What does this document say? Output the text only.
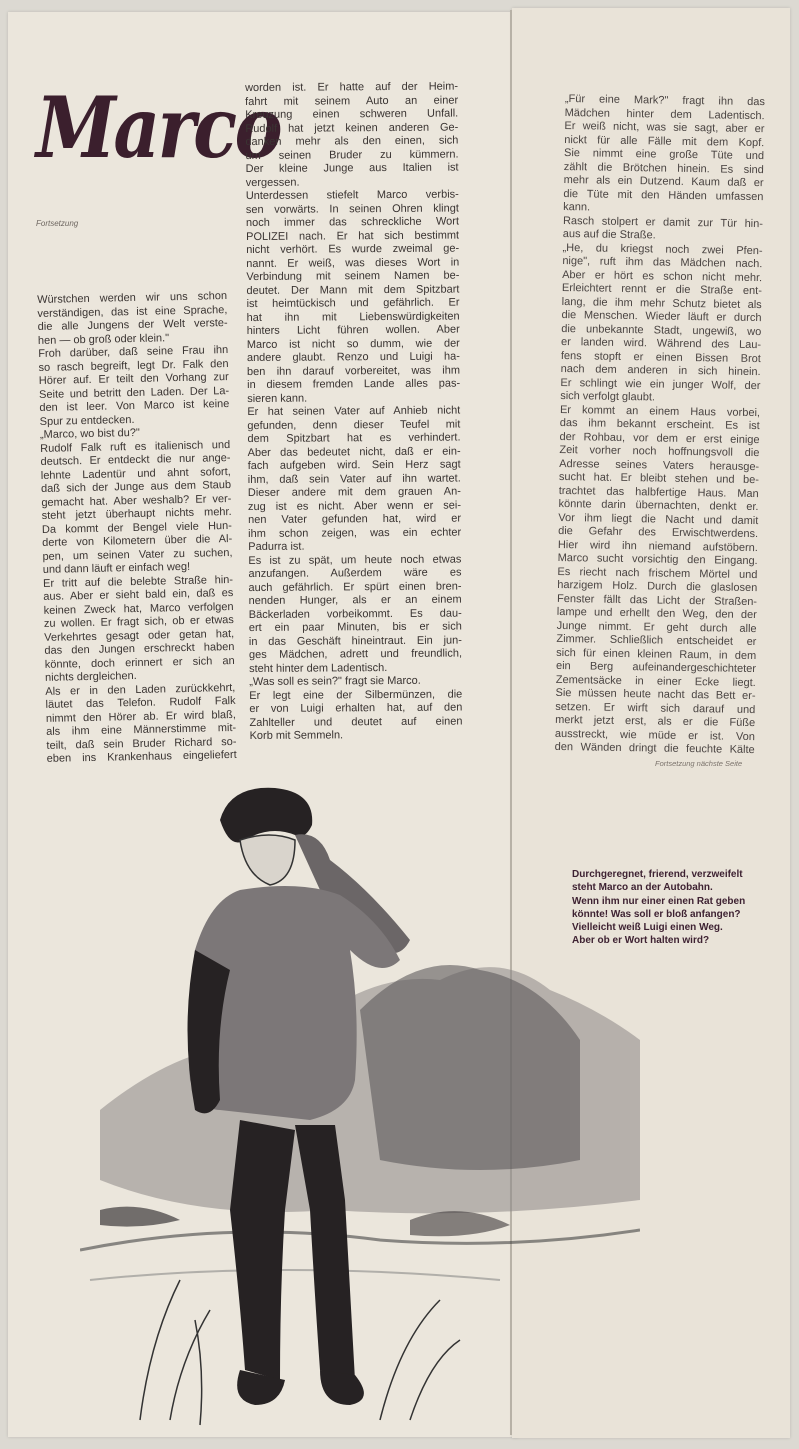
Marco
Fortsetzung
Würstchen werden wir uns schon
verständigen, das ist eine Sprache,
die alle Jungens der Welt verste-
hen — ob groß oder klein."
Froh darüber, daß seine Frau ihn
so rasch begreift, legt Dr. Falk den
Hörer auf. Er teilt den Vorhang zur
Seite und betritt den Laden. Der La-
den ist leer. Von Marco ist keine
Spur zu entdecken.
„Marco, wo bist du?"
Rudolf Falk ruft es italienisch und
deutsch. Er entdeckt die nur ange-
lehnte Ladentür und ahnt sofort,
daß sich der Junge aus dem Staub
gemacht hat. Aber weshalb? Er ver-
steht jetzt überhaupt nichts mehr.
Da kommt der Bengel viele Hun-
derte von Kilometern über die Al-
pen, um seinen Vater zu suchen,
und dann läuft er einfach weg!
Er tritt auf die belebte Straße hin-
aus. Aber er sieht bald ein, daß es
keinen Zweck hat, Marco verfolgen
zu wollen. Er fragt sich, ob er etwas
Verkehrtes gesagt oder getan hat,
das den Jungen erschreckt haben
könnte, doch erinnert er sich an
nichts dergleichen.
Als er in den Laden zurückkehrt,
läutet das Telefon. Rudolf Falk
nimmt den Hörer ab. Er wird blaß,
als ihm eine Männerstimme mit-
teilt, daß sein Bruder Richard so-
eben ins Krankenhaus eingeliefert
worden ist. Er hatte auf der Heim-
fahrt mit seinem Auto an einer
Kreuzung einen schweren Unfall.
Rudolf hat jetzt keinen anderen Ge-
danken mehr als den einen, sich
um seinen Bruder zu kümmern.
Der kleine Junge aus Italien ist
vergessen.
Unterdessen stiefelt Marco verbis-
sen vorwärts. In seinen Ohren klingt
noch immer das schreckliche Wort
POLIZEI nach. Er hat sich bestimmt
nicht verhört. Es wurde zweimal ge-
nannt. Er weiß, was dieses Wort in
Verbindung mit seinem Namen be-
deutet. Der Mann mit dem Spitzbart
ist heimtückisch und gefährlich. Er
hat ihn mit Liebenswürdigkeiten
hinters Licht führen wollen. Aber
Marco ist nicht so dumm, wie der
andere glaubt. Renzo und Luigi ha-
ben ihn darauf vorbereitet, was ihm
in diesem fremden Lande alles pas-
sieren kann.
Er hat seinen Vater auf Anhieb nicht
gefunden, denn dieser Teufel mit
dem Spitzbart hat es verhindert.
Aber das bedeutet nicht, daß er ein-
fach aufgeben wird. Sein Herz sagt
ihm, daß sein Vater auf ihn wartet.
Dieser andere mit dem grauen An-
zug ist es nicht. Aber wenn er sei-
nen Vater gefunden hat, wird er
ihm schon zeigen, was ein echter
Padurra ist.
Es ist zu spät, um heute noch etwas
anzufangen. Außerdem wäre es
auch gefährlich. Er spürt einen bren-
nenden Hunger, als er an einem
Bäckerladen vorbeikommt. Es dau-
ert ein paar Minuten, bis er sich
in das Geschäft hineintraut. Ein jun-
ges Mädchen, adrett und freundlich,
steht hinter dem Ladentisch.
„Was soll es sein?" fragt sie Marco.
Er legt eine der Silbermünzen, die
er von Luigi erhalten hat, auf den
Zahlteller und deutet auf einen
Korb mit Semmeln.
„Für eine Mark?" fragt ihn das
Mädchen hinter dem Ladentisch.
Er weiß nicht, was sie sagt, aber er
nickt für alle Fälle mit dem Kopf.
Sie nimmt eine große Tüte und
zählt die Brötchen hinein. Es sind
mehr als ein Dutzend. Kaum daß er
die Tüte mit den Händen umfassen
kann.
Rasch stolpert er damit zur Tür hin-
aus auf die Straße.
„He, du kriegst noch zwei Pfen-
nige", ruft ihm das Mädchen nach.
Aber er hört es schon nicht mehr.
Erleichtert rennt er die Straße ent-
lang, die ihm mehr Schutz bietet als
die Menschen. Wieder läuft er durch
die unbekannte Stadt, ungewiß, wo
er landen wird. Während des Lau-
fens stopft er einen Bissen Brot
nach dem anderen in sich hinein.
Er schlingt wie ein junger Wolf, der
sich verfolgt glaubt.
Er kommt an einem Haus vorbei,
das ihm bekannt erscheint. Es ist
der Rohbau, vor dem er erst einige
Zeit vorher noch hoffnungsvoll die
Adresse seines Vaters herausge-
sucht hat. Er bleibt stehen und be-
trachtet das halbfertige Haus. Man
könnte darin übernachten, denkt er.
Vor ihm liegt die Nacht und damit
die Gefahr des Erwischtwerdens.
Hier wird ihn niemand aufstöbern.
Marco sucht vorsichtig den Eingang.
Es riecht nach frischem Mörtel und
harzigem Holz. Durch die glaslosen
Fenster fällt das Licht der Straßen-
lampe und erhellt den Weg, den der
Junge nimmt. Er geht durch alle
Zimmer. Schließlich entscheidet er
sich für einen kleinen Raum, in dem
ein Berg aufeinandergeschichteter
Zementsäcke in einer Ecke liegt.
Sie müssen heute nacht das Bett er-
setzen. Er wirft sich darauf und
merkt jetzt erst, als er die Füße
ausstreckt, wie müde er ist. Von
den Wänden dringt die feuchte Kälte
Fortsetzung nächste Seite
Durchgeregnet, frierend, verzweifelt
steht Marco an der Autobahn.
Wenn ihm nur einer einen Rat geben
könnte! Was soll er bloß anfangen?
Vielleicht weiß Luigi einen Weg.
Aber ob er Wort halten wird?
